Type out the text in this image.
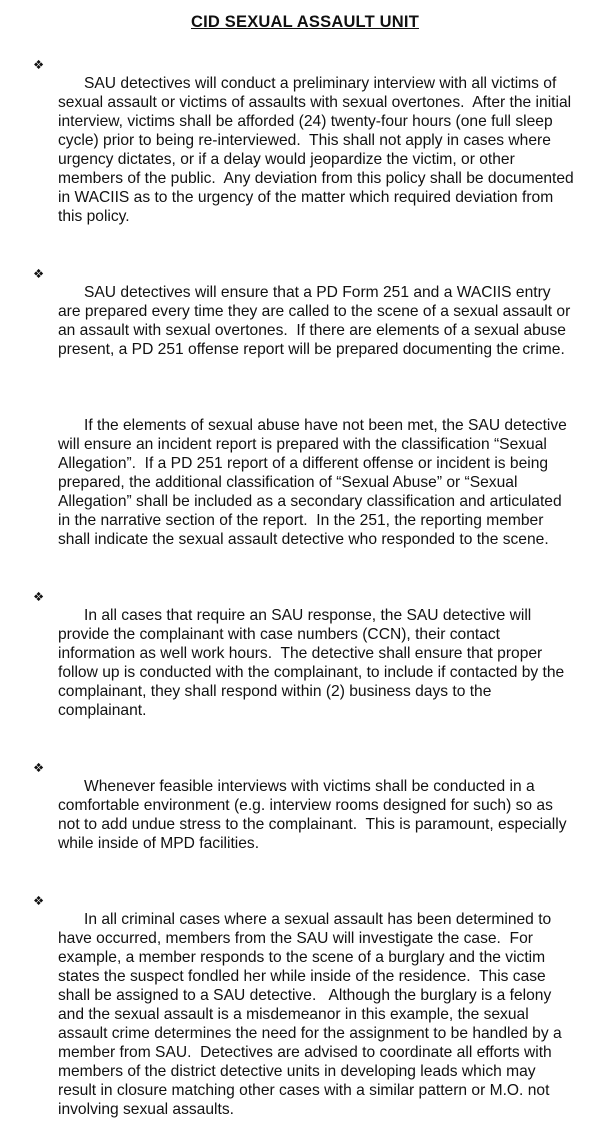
CID SEXUAL ASSAULT UNIT

❖
SAU detectives will conduct a preliminary interview with all victims of sexual assault or victims of assaults with sexual overtones.  After the initial interview, victims shall be afforded (24) twenty-four hours (one full sleep cycle) prior to being re-interviewed.  This shall not apply in cases where urgency dictates, or if a delay would jeopardize the victim, or other members of the public.  Any deviation from this policy shall be documented in WACIIS as to the urgency of the matter which required deviation from this policy.

❖
SAU detectives will ensure that a PD Form 251 and a WACIIS entry are prepared every time they are called to the scene of a sexual assault or an assault with sexual overtones.  If there are elements of a sexual abuse present, a PD 251 offense report will be prepared documenting the crime.

If the elements of sexual abuse have not been met, the SAU detective will ensure an incident report is prepared with the classification “Sexual Allegation”.  If a PD 251 report of a different offense or incident is being prepared, the additional classification of “Sexual Abuse” or “Sexual Allegation” shall be included as a secondary classification and articulated in the narrative section of the report.  In the 251, the reporting member shall indicate the sexual assault detective who responded to the scene.

❖
In all cases that require an SAU response, the SAU detective will provide the complainant with case numbers (CCN), their contact information as well work hours.  The detective shall ensure that proper follow up is conducted with the complainant, to include if contacted by the complainant, they shall respond within (2) business days to the complainant.

❖
Whenever feasible interviews with victims shall be conducted in a comfortable environment (e.g. interview rooms designed for such) so as not to add undue stress to the complainant.  This is paramount, especially while inside of MPD facilities.

❖
In all criminal cases where a sexual assault has been determined to have occurred, members from the SAU will investigate the case.  For example, a member responds to the scene of a burglary and the victim states the suspect fondled her while inside of the residence.  This case shall be assigned to a SAU detective.   Although the burglary is a felony and the sexual assault is a misdemeanor in this example, the sexual assault crime determines the need for the assignment to be handled by a member from SAU.  Detectives are advised to coordinate all efforts with members of the district detective units in developing leads which may result in closure matching other cases with a similar pattern or M.O. not involving sexual assaults.
